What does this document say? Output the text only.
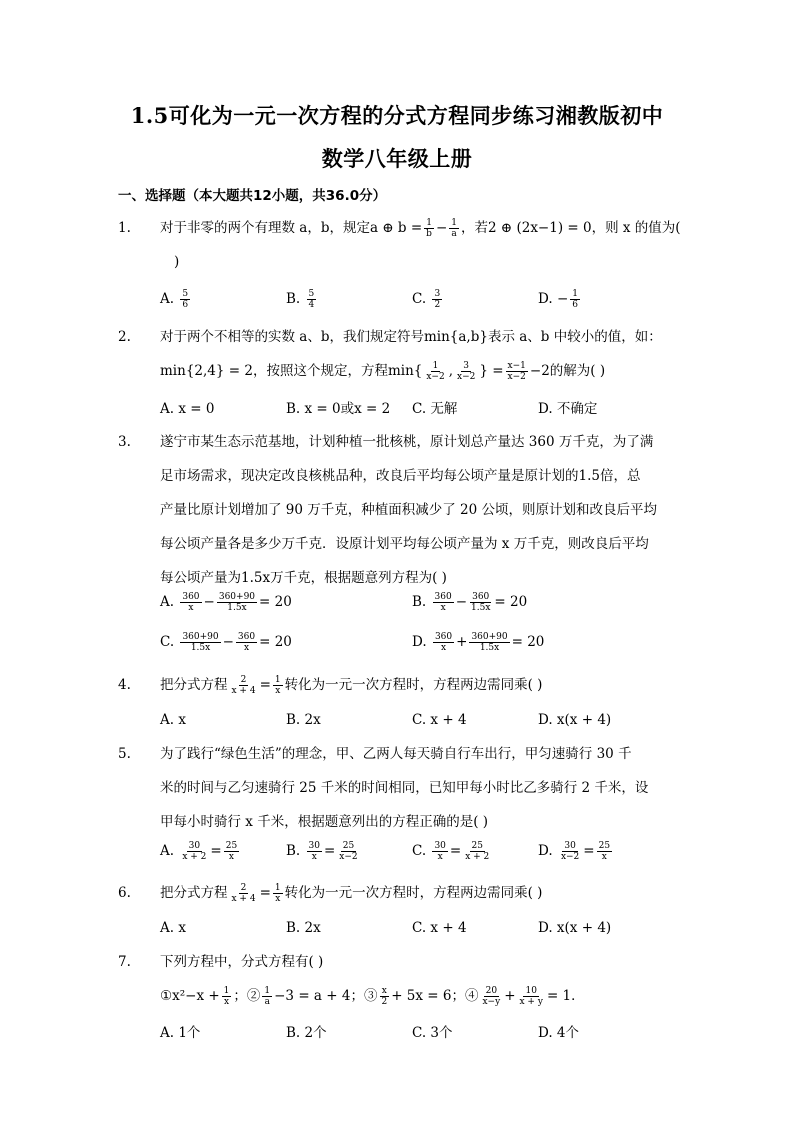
1.5可化为一元一次方程的分式方程同步练习湘教版初中
数学八年级上册
一、选择题（本大题共12小题，共36.0分）
1.	对于非零的两个有理数 a，b，规定a ⊕ $b = \frac{1}{b} - \frac{1}{a}$ ，若2 ⊕ (2x−1) = 0，则 x 的值为(
)
A. $\frac{5}{6}$	B. $\frac{5}{4}$	C. $\frac{3}{2}$	D. − $\frac{1}{6}$
2.	对于两个不相等的实数 a、b，我们规定符号min{a,b}表示 a、b 中较小的值，如：
min{2,4} = 2，按照这个规定，方程$\min\{ \frac{1}{x-2}$ , $\frac{3}{x-2}$ } = $\frac{x-1}{x-2} -2$的解为( )
A. x = 0	B. x = 0或x = 2 C. 无解	D. 不确定
3.	遂宁市某生态示范基地，计划种植一批核桃，原计划总产量达 360 万千克，为了满
足市场需求，现决定改良核桃品种，改良后平均每公顷产量是原计划的1.5倍，总
产量比原计划增加了 90 万千克，种植面积减少了 20 公顷，则原计划和改良后平均
每公顷产量各是多少万千克．设原计划平均每公顷产量为 x 万千克，则改良后平均
每公顷产量为1.5x万千克，根据题意列方程为( )
A. $\frac{360}{x} - \frac{360+90}{1.5x} = 20$	B. $\frac{360}{x} - \frac{360}{1.5x} = 20$
C. $\frac{360+90}{1.5x} - \frac{360}{x} = 20$	D. $\frac{360}{x} + \frac{360+90}{1.5x} = 20$
4.	把分式方程 $\frac{2}{x + 4} = \frac{1}{x}$ 转化为一元一次方程时，方程两边需同乘( )
A. x	B. 2x	C. x + 4	D. x(x + 4)
5.	为了践行“绿色生活”的理念，甲、乙两人每天骑自行车出行，甲匀速骑行 30 千
米的时间与乙匀速骑行 25 千米的时间相同，已知甲每小时比乙多骑行 2 千米，设
甲每小时骑行 x 千米，根据题意列出的方程正确的是( )
A. $\frac{30}{x + 2} = \frac{25}{x}$	B. $\frac{30}{x} = \frac{25}{x-2}$	C. $\frac{30}{x} = \frac{25}{x + 2}$	D. $\frac{30}{x-2} = \frac{25}{x}$
6.	把分式方程 $\frac{2}{x + 4} = \frac{1}{x}$ 转化为一元一次方程时，方程两边需同乘( )
A. x	B. 2x	C. x + 4	D. x(x + 4)
7.	下列方程中，分式方程有( )
①x²−x + $\frac{1}{x}$ ；② $\frac{1}{a} -3 = a + 4$；③ $\frac{x}{2} + 5x = 6$；④ $\frac{20}{x-y} + \frac{10}{x + y} = 1$．
A. 1个	B. 2个	C. 3个	D. 4个
